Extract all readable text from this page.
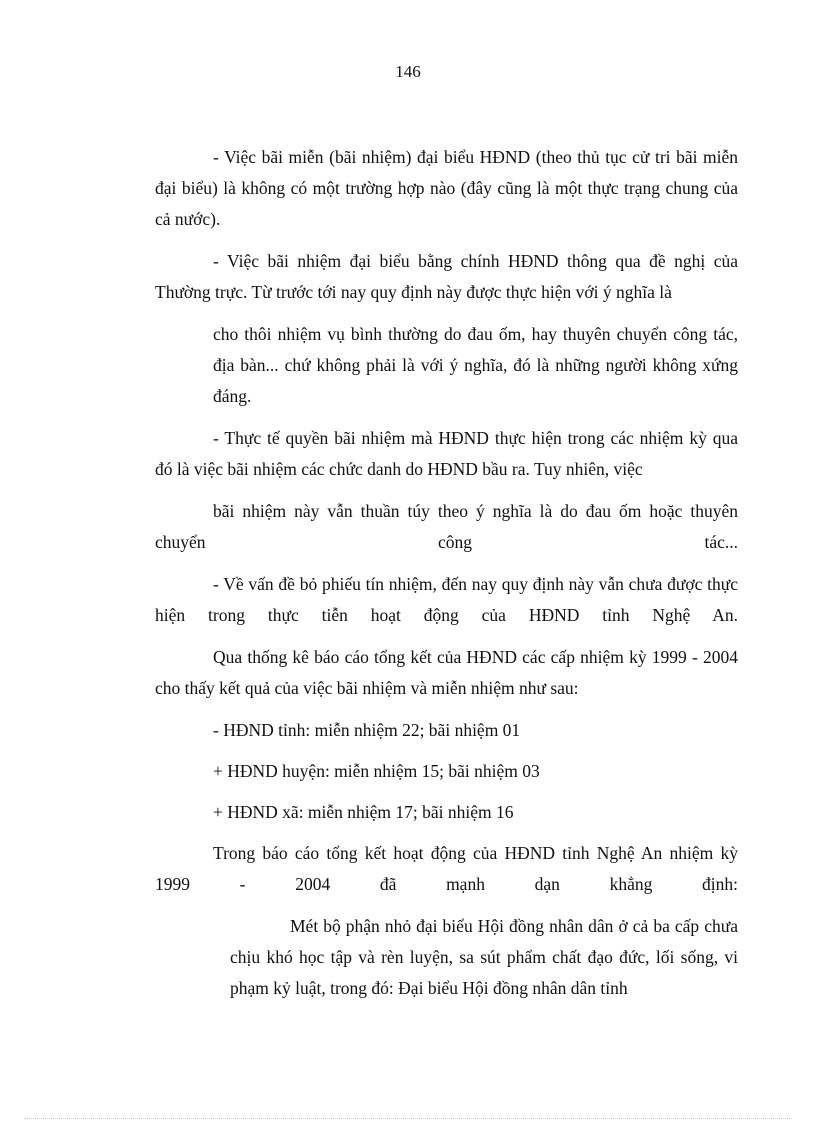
146

- Việc bãi miễn (bãi nhiệm) đại biểu HĐND (theo thủ tục cử tri bãi miễn đại biểu) là không có một trường hợp nào (đây cũng là một thực trạng chung của cả nước).

- Việc bãi nhiệm đại biểu bằng chính HĐND thông qua đề nghị của Thường trực. Từ trước tới nay quy định này được thực hiện với ý nghĩa là

cho thôi nhiệm vụ bình thường do đau ốm, hay thuyên chuyển công tác, địa bàn... chứ không phải là với ý nghĩa, đó là những người không xứng đáng.

- Thực tế quyền bãi nhiệm mà HĐND thực hiện trong các nhiệm kỳ qua đó là việc bãi nhiệm các chức danh do HĐND bầu ra. Tuy nhiên, việc

bãi nhiệm này vẫn thuần túy theo ý nghĩa là do đau ốm hoặc thuyên chuyển công tác...

- Về vấn đề bỏ phiếu tín nhiệm, đến nay quy định này vẫn chưa được thực hiện trong thực tiễn hoạt động của HĐND tỉnh Nghệ An.

Qua thống kê báo cáo tổng kết của HĐND các cấp nhiệm kỳ 1999 - 2004 cho thấy kết quả của việc bãi nhiệm và miễn nhiệm như sau:

- HĐND tỉnh: miễn nhiệm 22; bãi nhiệm 01

+ HĐND huyện: miễn nhiệm 15; bãi nhiệm 03

+ HĐND xã: miễn nhiệm 17; bãi nhiệm 16

Trong báo cáo tổng kết hoạt động của HĐND tỉnh Nghệ An nhiệm kỳ 1999 - 2004 đã mạnh dạn khẳng định:

Mét bộ phận nhỏ đại biểu Hội đồng nhân dân ở cả ba cấp chưa chịu khó học tập và rèn luyện, sa sút phẩm chất đạo đức, lối sống, vi phạm kỷ luật, trong đó: Đại biểu Hội đồng nhân dân tỉnh
